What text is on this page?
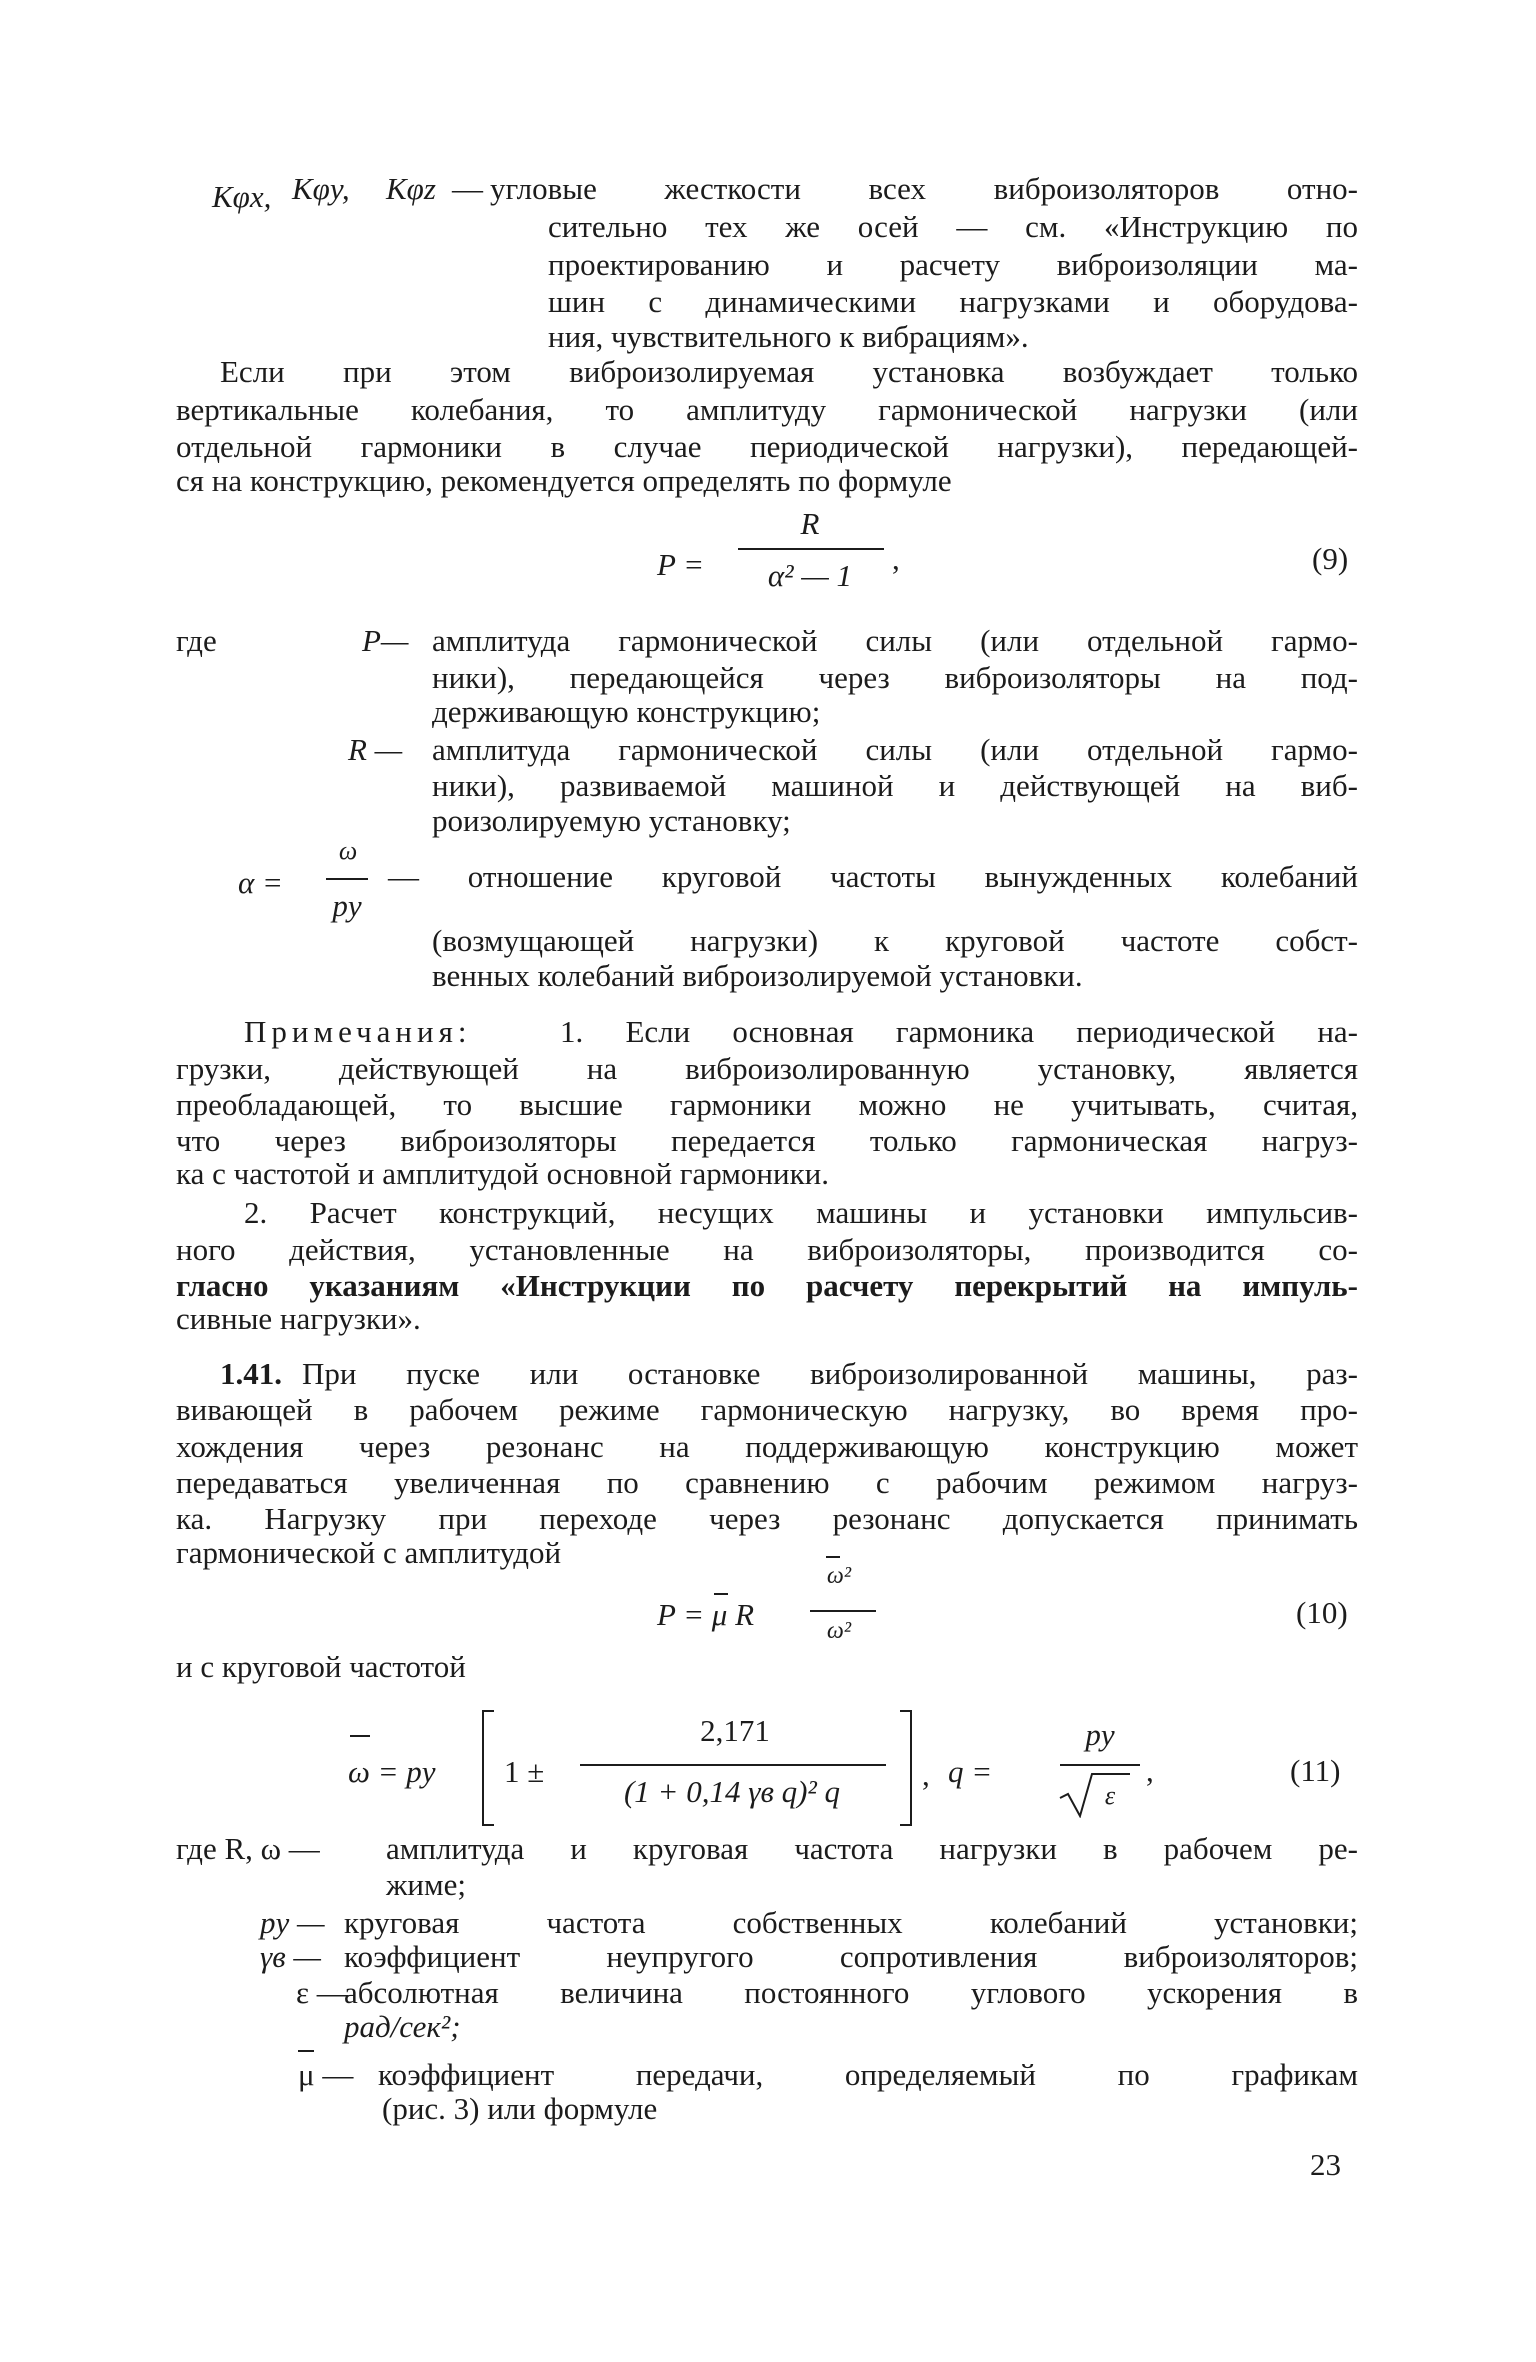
Kφx, Kφy, Kφz — угловые жесткости всех виброизоляторов отно-
сительно тех же осей — см. «Инструкцию по
проектированию и расчету виброизоляции ма-
шин с динамическими нагрузками и оборудова-
ния, чувствительного к вибрациям».
Если при этом виброизолируемая установка возбуждает только
вертикальные колебания, то амплитуду гармонической нагрузки (или
отдельной гармоники в случае периодической нагрузки), передающей-
ся на конструкцию, рекомендуется определять по формуле
P =
R
α² — 1	,	(9)
где	P— амплитуда гармонической силы (или отдельной гармо-
ники), передающейся через виброизоляторы на под-
держивающую конструкцию;
R — амплитуда гармонической силы (или отдельной гармо-
ники), развиваемой машиной и действующей на виб-
роизолируемую установку;
α =
ω
pу
— отношение круговой частоты вынужденных колебаний
(возмущающей нагрузки) к круговой частоте собст-
венных колебаний виброизолируемой установки.
Примечания:	1. Если основная гармоника периодической на-
грузки, действующей на виброизолированную установку, является
преобладающей, то высшие гармоники можно не учитывать, считая,
что через виброизоляторы передается только гармоническая нагруз-
ка с частотой и амплитудой основной гармоники.
2. Расчет конструкций, несущих машины и установки импульсив-
ного действия, установленные на виброизоляторы, производится со-
гласно указаниям «Инструкции по расчету перекрытий на импуль-
сивные нагрузки».
1.41. При пуске или остановке виброизолированной машины, раз-
вивающей в рабочем режиме гармоническую нагрузку, во время про-
хождения через резонанс на поддерживающую конструкцию может
передаваться увеличенная по сравнению с рабочим режимом нагруз-
ка. Нагрузку при переходе через резонанс допускается принимать
гармонической с амплитудой
P = μ R
ω²
ω²
(10)
и с круговой частотой
ω = pу 1 ±
2,171
(1 + 0,14 γв q)² q	, q =
pу
ε
,	(11)
где R, ω — амплитуда и круговая частота нагрузки в рабочем ре-
жиме;
pу — круговая частота собственных колебаний установки;
γв — коэффициент неупругого сопротивления виброизоляторов;
ε —
абсолютная величина постоянного углового ускорения в
рад/сек²;
μ — коэффициент передачи, определяемый по графикам
(рис. 3) или формуле
23
